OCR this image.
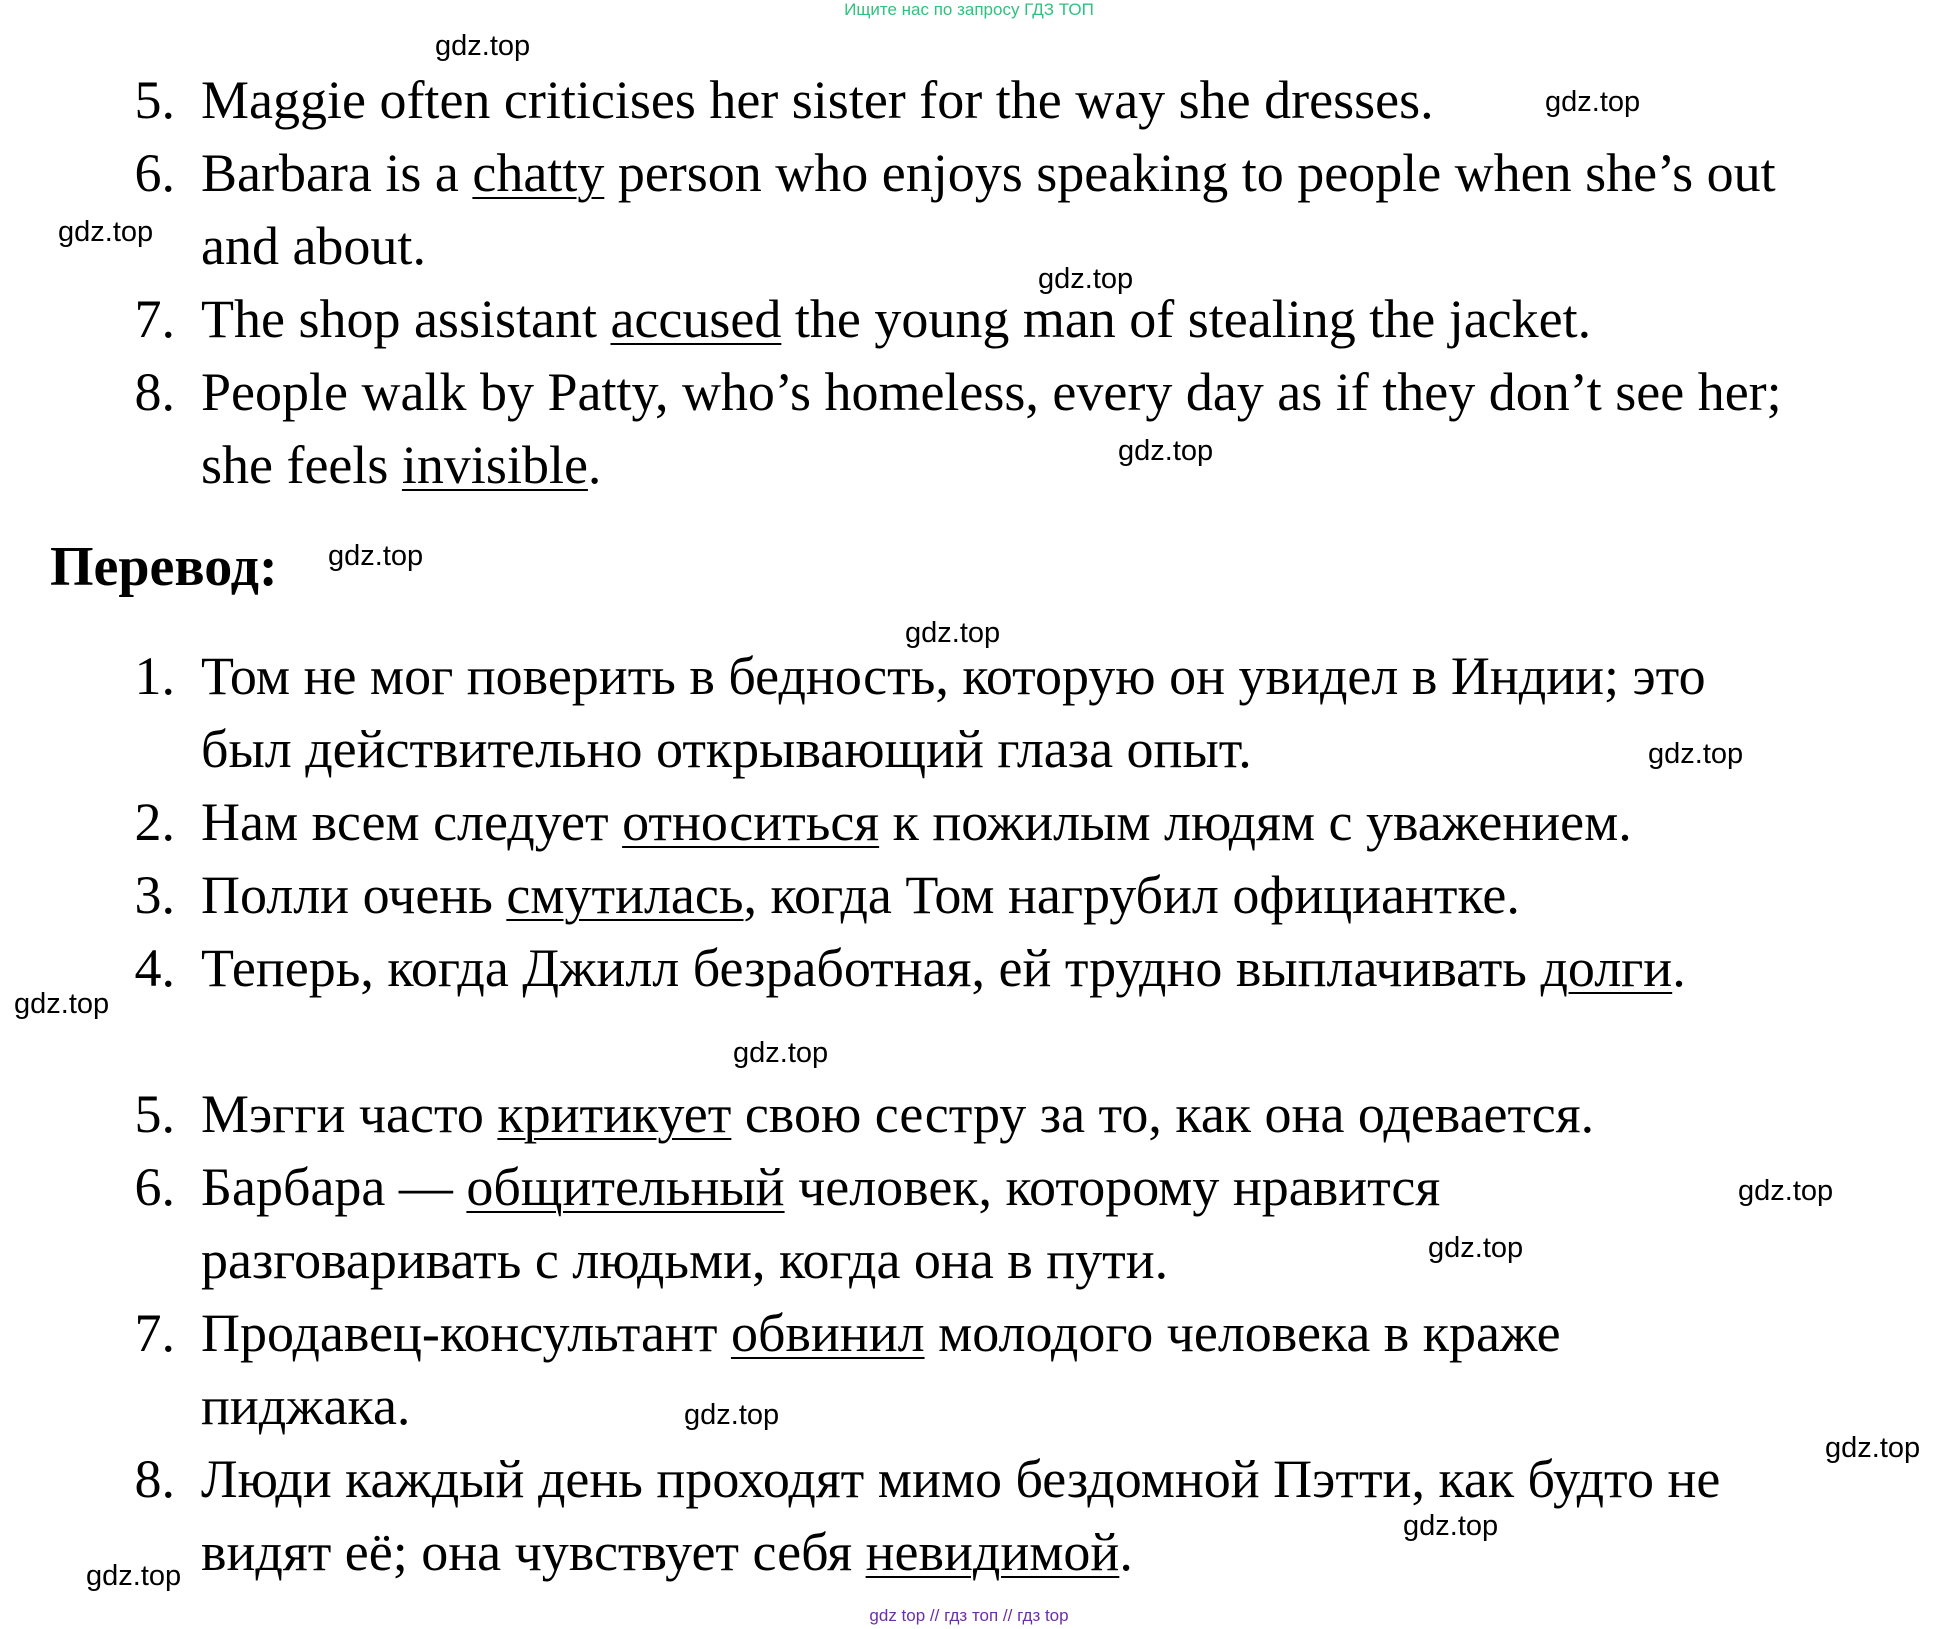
Ищите нас по запросу ГДЗ ТОП
5. Maggie often criticises her sister for the way she dresses.
6. Barbara is a chatty person who enjoys speaking to people when she’s out and about.
7. The shop assistant accused the young man of stealing the jacket.
8. People walk by Patty, who’s homeless, every day as if they don’t see her; she feels invisible.
Перевод:
1. Том не мог поверить в бедность, которую он увидел в Индии; это был действительно открывающий глаза опыт.
2. Нам всем следует относиться к пожилым людям с уважением.
3. Полли очень смутилась, когда Том нагрубил официантке.
4. Теперь, когда Джилл безработная, ей трудно выплачивать долги.
5. Мэгги часто критикует свою сестру за то, как она одевается.
6. Барбара — общительный человек, которому нравится разговаривать с людьми, когда она в пути.
7. Продавец-консультант обвинил молодого человека в краже пиджака.
8. Люди каждый день проходят мимо бездомной Пэтти, как будто не видят её; она чувствует себя невидимой.
gdz.top
gdz.top
gdz.top
gdz.top
gdz.top
gdz.top
gdz.top
gdz.top
gdz.top
gdz.top
gdz.top
gdz.top
gdz.top
gdz.top
gdz.top
gdz.top
gdz top // гдз топ // гдз top
